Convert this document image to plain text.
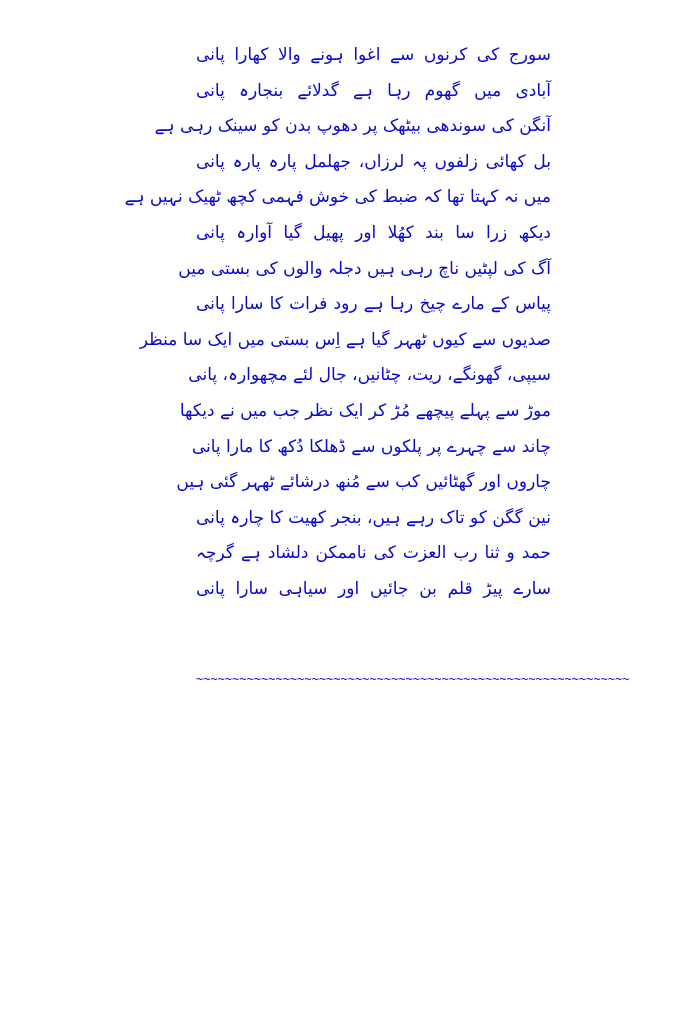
سورج کی کرنوں سے اغوا ہونے والا کھارا پانی
آبادی میں گھوم رہا ہے گدلائے بنجارہ پانی
آنگن کی سوندھی بیٹھک پر دھوپ بدن کو سینک رہی ہے
بل کھائی زلفوں پہ لرزاں، جھلمل پارہ پارہ پانی
میں نہ کہتا تھا کہ ضبط کی خوش فہمی کچھ ٹھیک نہیں ہے
دیکھ زرا سا بند کھُلا اور پھیل گیا آوارہ پانی
آگ کی لپٹیں ناچ رہی ہیں دجلہ والوں کی بستی میں
پیاس کے مارے چیخ رہا ہے رود فرات کا سارا پانی
صدیوں سے کیوں ٹھہر گیا ہے اِس بستی میں ایک سا منظر
سیپی، گھونگے، ریت، چٹانیں، جال لئے مچھوارہ، پانی
موڑ سے پہلے پیچھے مُڑ کر ایک نظر جب میں نے دیکھا
چاند سے چہرے پر پلکوں سے ڈھلکا دُکھ کا مارا پانی
چاروں اور گھٹائیں کب سے مُنھ درشائے ٹھہر گئی ہیں
نین گگن کو تاک رہے ہیں، بنجر کھیت کا چارہ پانی
حمد و ثنا رب العزت کی ناممکن دلشاد ہے گرچہ
سارے پیڑ قلم بن جائیں اور سیاہی سارا پانی
~~~~~~~~~~~~~~~~~~~~~~~~~~~~~~~~~~~~~~~~~~~~~~~~~~~~~~~~~~~~
